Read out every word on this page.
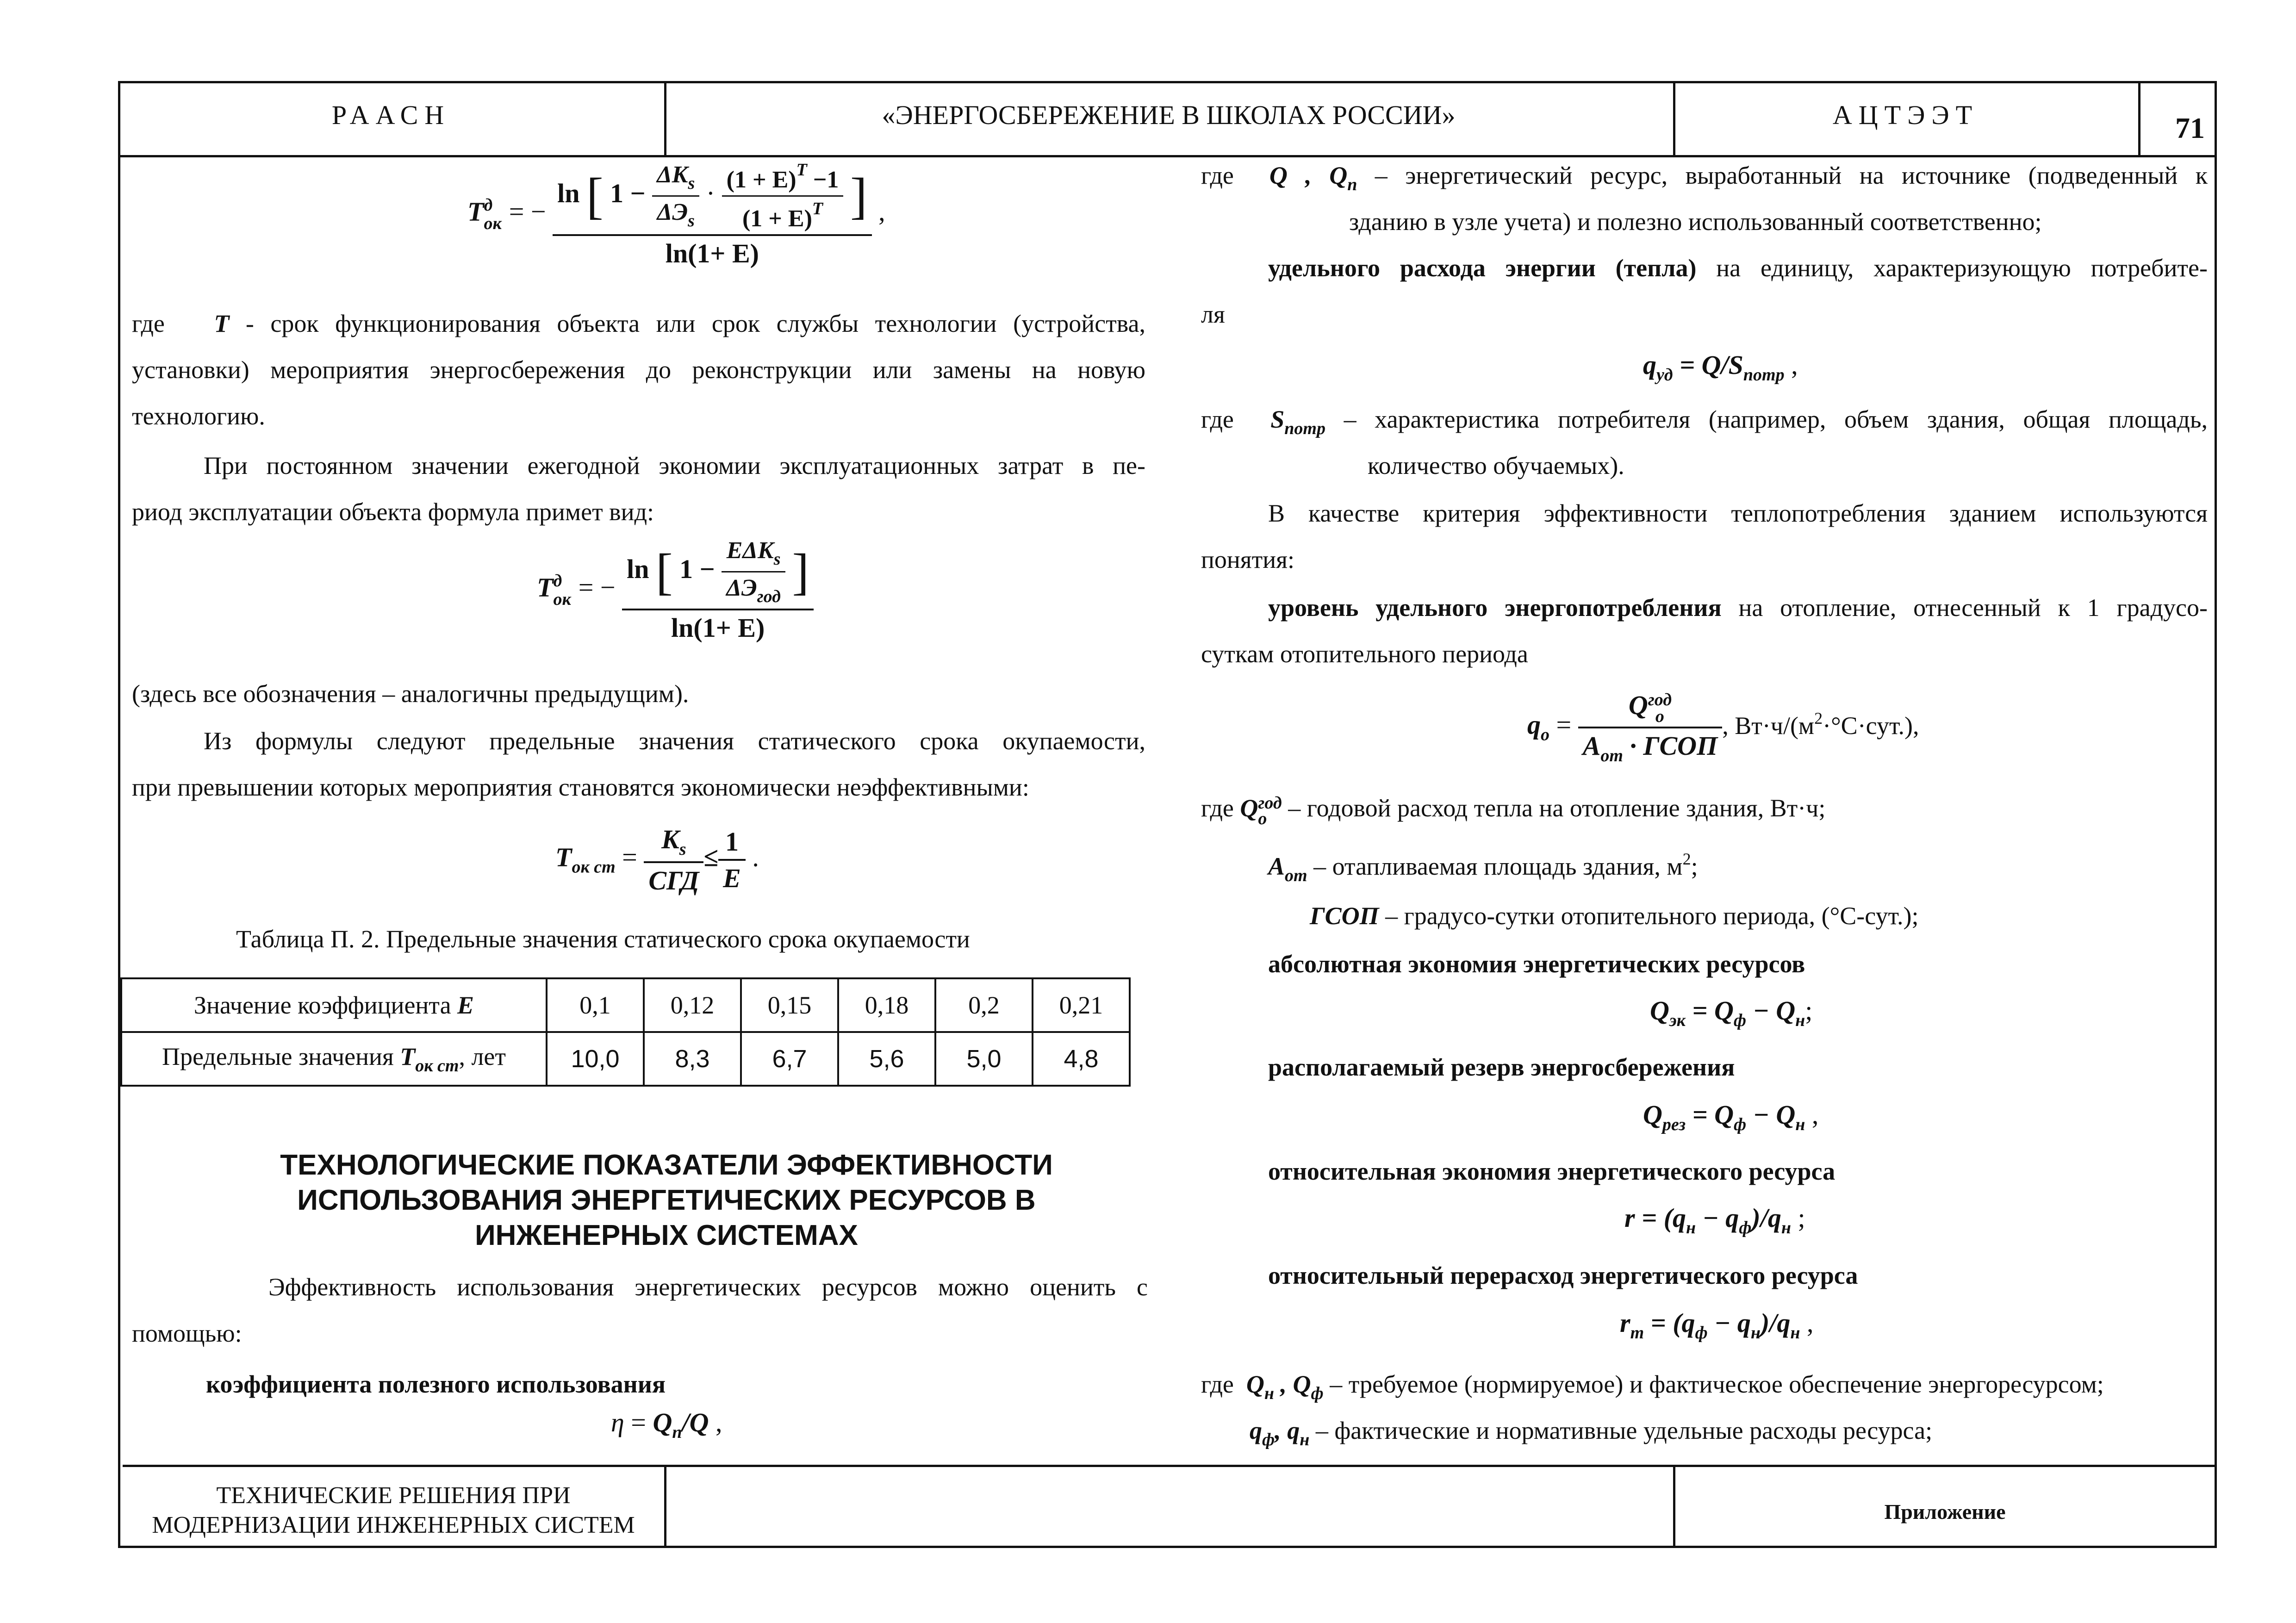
РААСН	«ЭНЕРГОСБЕРЕЖЕНИЕ В ШКОЛАХ РОССИИ»	АЦТЭЭТ	71
T д
ок = −
ln [ $1 - \frac{\Delta K_s}{\Delta Э_s} \cdot \frac{(1 + E)^T -1}{(1 + E)^T}$ ]
ln(1+ E)
,
где T - срок функционирования объекта или срок службы технологии (устройства,
установки) мероприятия энергосбережения до реконструкции или замены на новую
технологию.
При постоянном значении ежегодной экономии эксплуатационных затрат в пе-
риод эксплуатации объекта формула примет вид:
T д
ок = −
ln [ $1 - \frac{E\Delta K_s}{\Delta Э_{год}}$ ]
ln(1+ E)
(здесь все обозначения – аналогичны предыдущим).
Из формулы следуют предельные значения статического срока окупаемости,
при превышении которых мероприятия становятся экономически неэффективными:
$T_{ок ст} = \frac{K_s}{\text{СГД}} \le \frac{1}{E}$ .
Таблица П. 2. Предельные значения статического срока окупаемости
Значение коэффициента E	0,1	0,12	0,15	0,18	0,2	0,21
Предельные значения $T_{ок ст}$, лет	10,0	8,3	6,7	5,6	5,0	4,8
ТЕХНОЛОГИЧЕСКИЕ ПОКАЗАТЕЛИ ЭФФЕКТИВНОСТИ
ИСПОЛЬЗОВАНИЯ ЭНЕРГЕТИЧЕСКИХ РЕСУРСОВ В
ИНЖЕНЕРНЫХ СИСТЕМАХ
Эффективность использования энергетических ресурсов можно оценить с
помощью:
коэффициента полезного использования
$\eta = Q_п/Q$ ,
где Q , $Q_п$ – энергетический ресурс, выработанный на источнике (подведенный к
зданию в узле учета) и полезно использованный соответственно;
удельного расхода энергии (тепла) на единицу, характеризующую потребите-
ля
$q_{уд} = Q/S_{потр}$ ,
где $S_{потр}$ – характеристика потребителя (например, объем здания, общая площадь,
количество обучаемых).
В качестве критерия эффективности теплопотребления зданием используются
понятия:
уровень удельного энергопотребления на отопление, отнесенный к 1 градусо-
суткам отопительного периода
$q_o = Q$ год
o
$A_{от}$ · ГСОП , $Вт\cdot ч/(м^2\cdot^\circ С\cdot сут.)$,
где Q год
o – годовой расход тепла на отопление здания, Вт·ч;
$A_{от}$ – отапливаемая площадь здания, $м^2$;
ГСОП – градусо-сутки отопительного периода, (°С-сут.);
абсолютная экономия энергетических ресурсов
$Q_{эк} = Q_ф - Q_н$;
располагаемый резерв энергосбережения
$Q_{рез} = Q_ф - Q_н$ ,
относительная экономия энергетического ресурса
$r = (q_н - q_ф)/q_н$ ;
относительный перерасход энергетического ресурса
$r_m = (q_ф - q_н)/q_н$ ,
где $Q_н$ , $Q_ф$ – требуемое (нормируемое) и фактическое обеспечение энергоресурсом;
$q_ф$, $q_н$ – фактические и нормативные удельные расходы ресурса;
ТЕХНИЧЕСКИЕ РЕШЕНИЯ ПРИ
МОДЕРНИЗАЦИИ ИНЖЕНЕРНЫХ СИСТЕМ
Приложение
